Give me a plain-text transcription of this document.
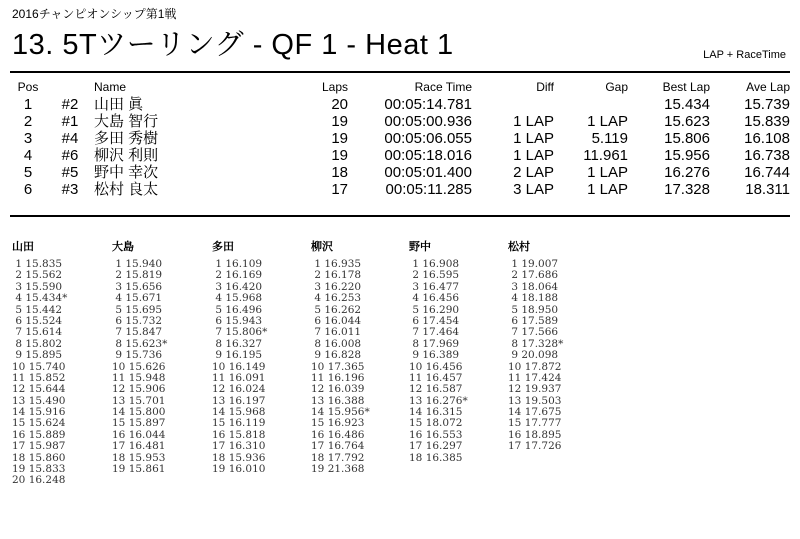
2016チャンピオンシップ第1戦
13. 5Tツーリング - QF 1 - Heat 1	LAP + RaceTime
Pos		Name	Laps	Race Time	Diff	Gap	Best Lap	Ave Lap
1	#2	山田 眞	20	00:05:14.781			15.434	15.739
2	#1	大島 智行	19	00:05:00.936	1 LAP	1 LAP	15.623	15.839
3	#4	多田 秀樹	19	00:05:06.055	1 LAP	5.119	15.806	16.108
4	#6	柳沢 利則	19	00:05:18.016	1 LAP	11.961	15.956	16.738
5	#5	野中 幸次	18	00:05:01.400	2 LAP	1 LAP	16.276	16.744
6	#3	松村 良太	17	00:05:11.285	3 LAP	1 LAP	17.328	18.311
山田
1 15.835
2 15.562
3 15.590
4 15.434*
5 15.442
6 15.524
7 15.614
8 15.802
9 15.895
10 15.740
11 15.852
12 15.644
13 15.490
14 15.916
15 15.624
16 15.889
17 15.987
18 15.860
19 15.833
20 16.248
大島
1 15.940
2 15.819
3 15.656
4 15.671
5 15.695
6 15.732
7 15.847
8 15.623*
9 15.736
10 15.626
11 15.948
12 15.906
13 15.701
14 15.800
15 15.897
16 16.044
17 16.481
18 15.953
19 15.861
多田
1 16.109
2 16.169
3 16.420
4 15.968
5 16.496
6 15.943
7 15.806*
8 16.327
9 16.195
10 16.149
11 16.091
12 16.024
13 16.197
14 15.968
15 16.119
16 15.818
17 16.310
18 15.936
19 16.010
柳沢
1 16.935
2 16.178
3 16.220
4 16.253
5 16.262
6 16.044
7 16.011
8 16.008
9 16.828
10 17.365
11 16.196
12 16.039
13 16.388
14 15.956*
15 16.923
16 16.486
17 16.764
18 17.792
19 21.368
野中
1 16.908
2 16.595
3 16.477
4 16.456
5 16.290
6 17.454
7 17.464
8 17.969
9 16.389
10 16.456
11 16.457
12 16.587
13 16.276*
14 16.315
15 18.072
16 16.553
17 16.297
18 16.385
松村
1 19.007
2 17.686
3 18.064
4 18.188
5 18.950
6 17.589
7 17.566
8 17.328*
9 20.098
10 17.872
11 17.424
12 19.937
13 19.503
14 17.675
15 17.777
16 18.895
17 17.726
